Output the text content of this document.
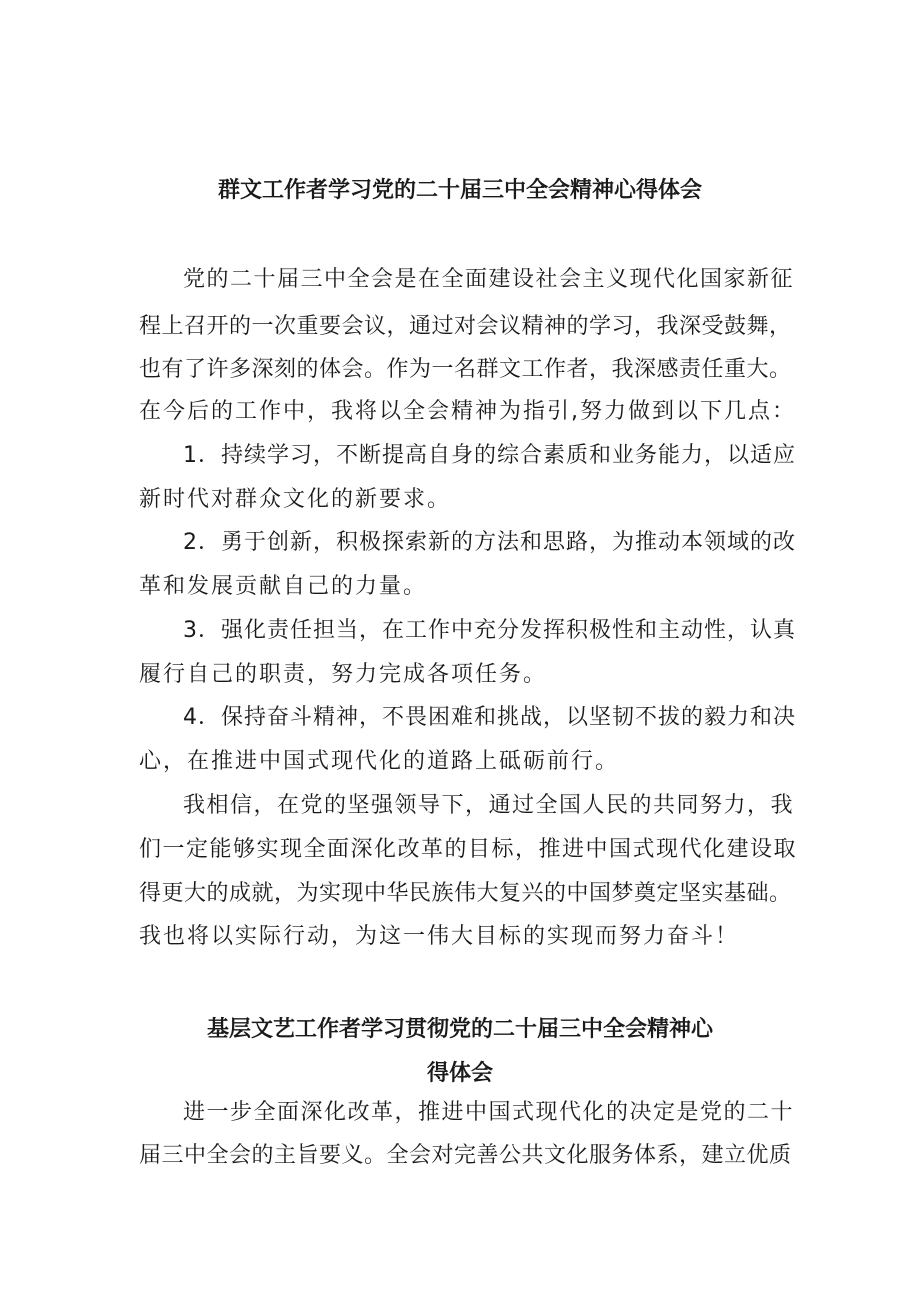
群文工作者学习党的二十届三中全会精神心得体会

党的二十届三中全会是在全面建设社会主义现代化国家新征

程上召开的一次重要会议，通过对会议精神的学习，我深受鼓舞，

也有了许多深刻的体会。作为一名群文工作者，我深感责任重大。

在今后的工作中，我将以全会精神为指引,努力做到以下几点：

1．持续学习，不断提高自身的综合素质和业务能力，以适应

新时代对群众文化的新要求。

2．勇于创新，积极探索新的方法和思路，为推动本领域的改

革和发展贡献自己的力量。

3．强化责任担当，在工作中充分发挥积极性和主动性，认真

履行自己的职责，努力完成各项任务。

4．保持奋斗精神，不畏困难和挑战，以坚韧不拔的毅力和决

心，在推进中国式现代化的道路上砥砺前行。

我相信，在党的坚强领导下，通过全国人民的共同努力，我

们一定能够实现全面深化改革的目标，推进中国式现代化建设取

得更大的成就，为实现中华民族伟大复兴的中国梦奠定坚实基础。

我也将以实际行动，为这一伟大目标的实现而努力奋斗！

基层文艺工作者学习贯彻党的二十届三中全会精神心
得体会

进一步全面深化改革，推进中国式现代化的决定是党的二十

届三中全会的主旨要义。全会对完善公共文化服务体系，建立优质
